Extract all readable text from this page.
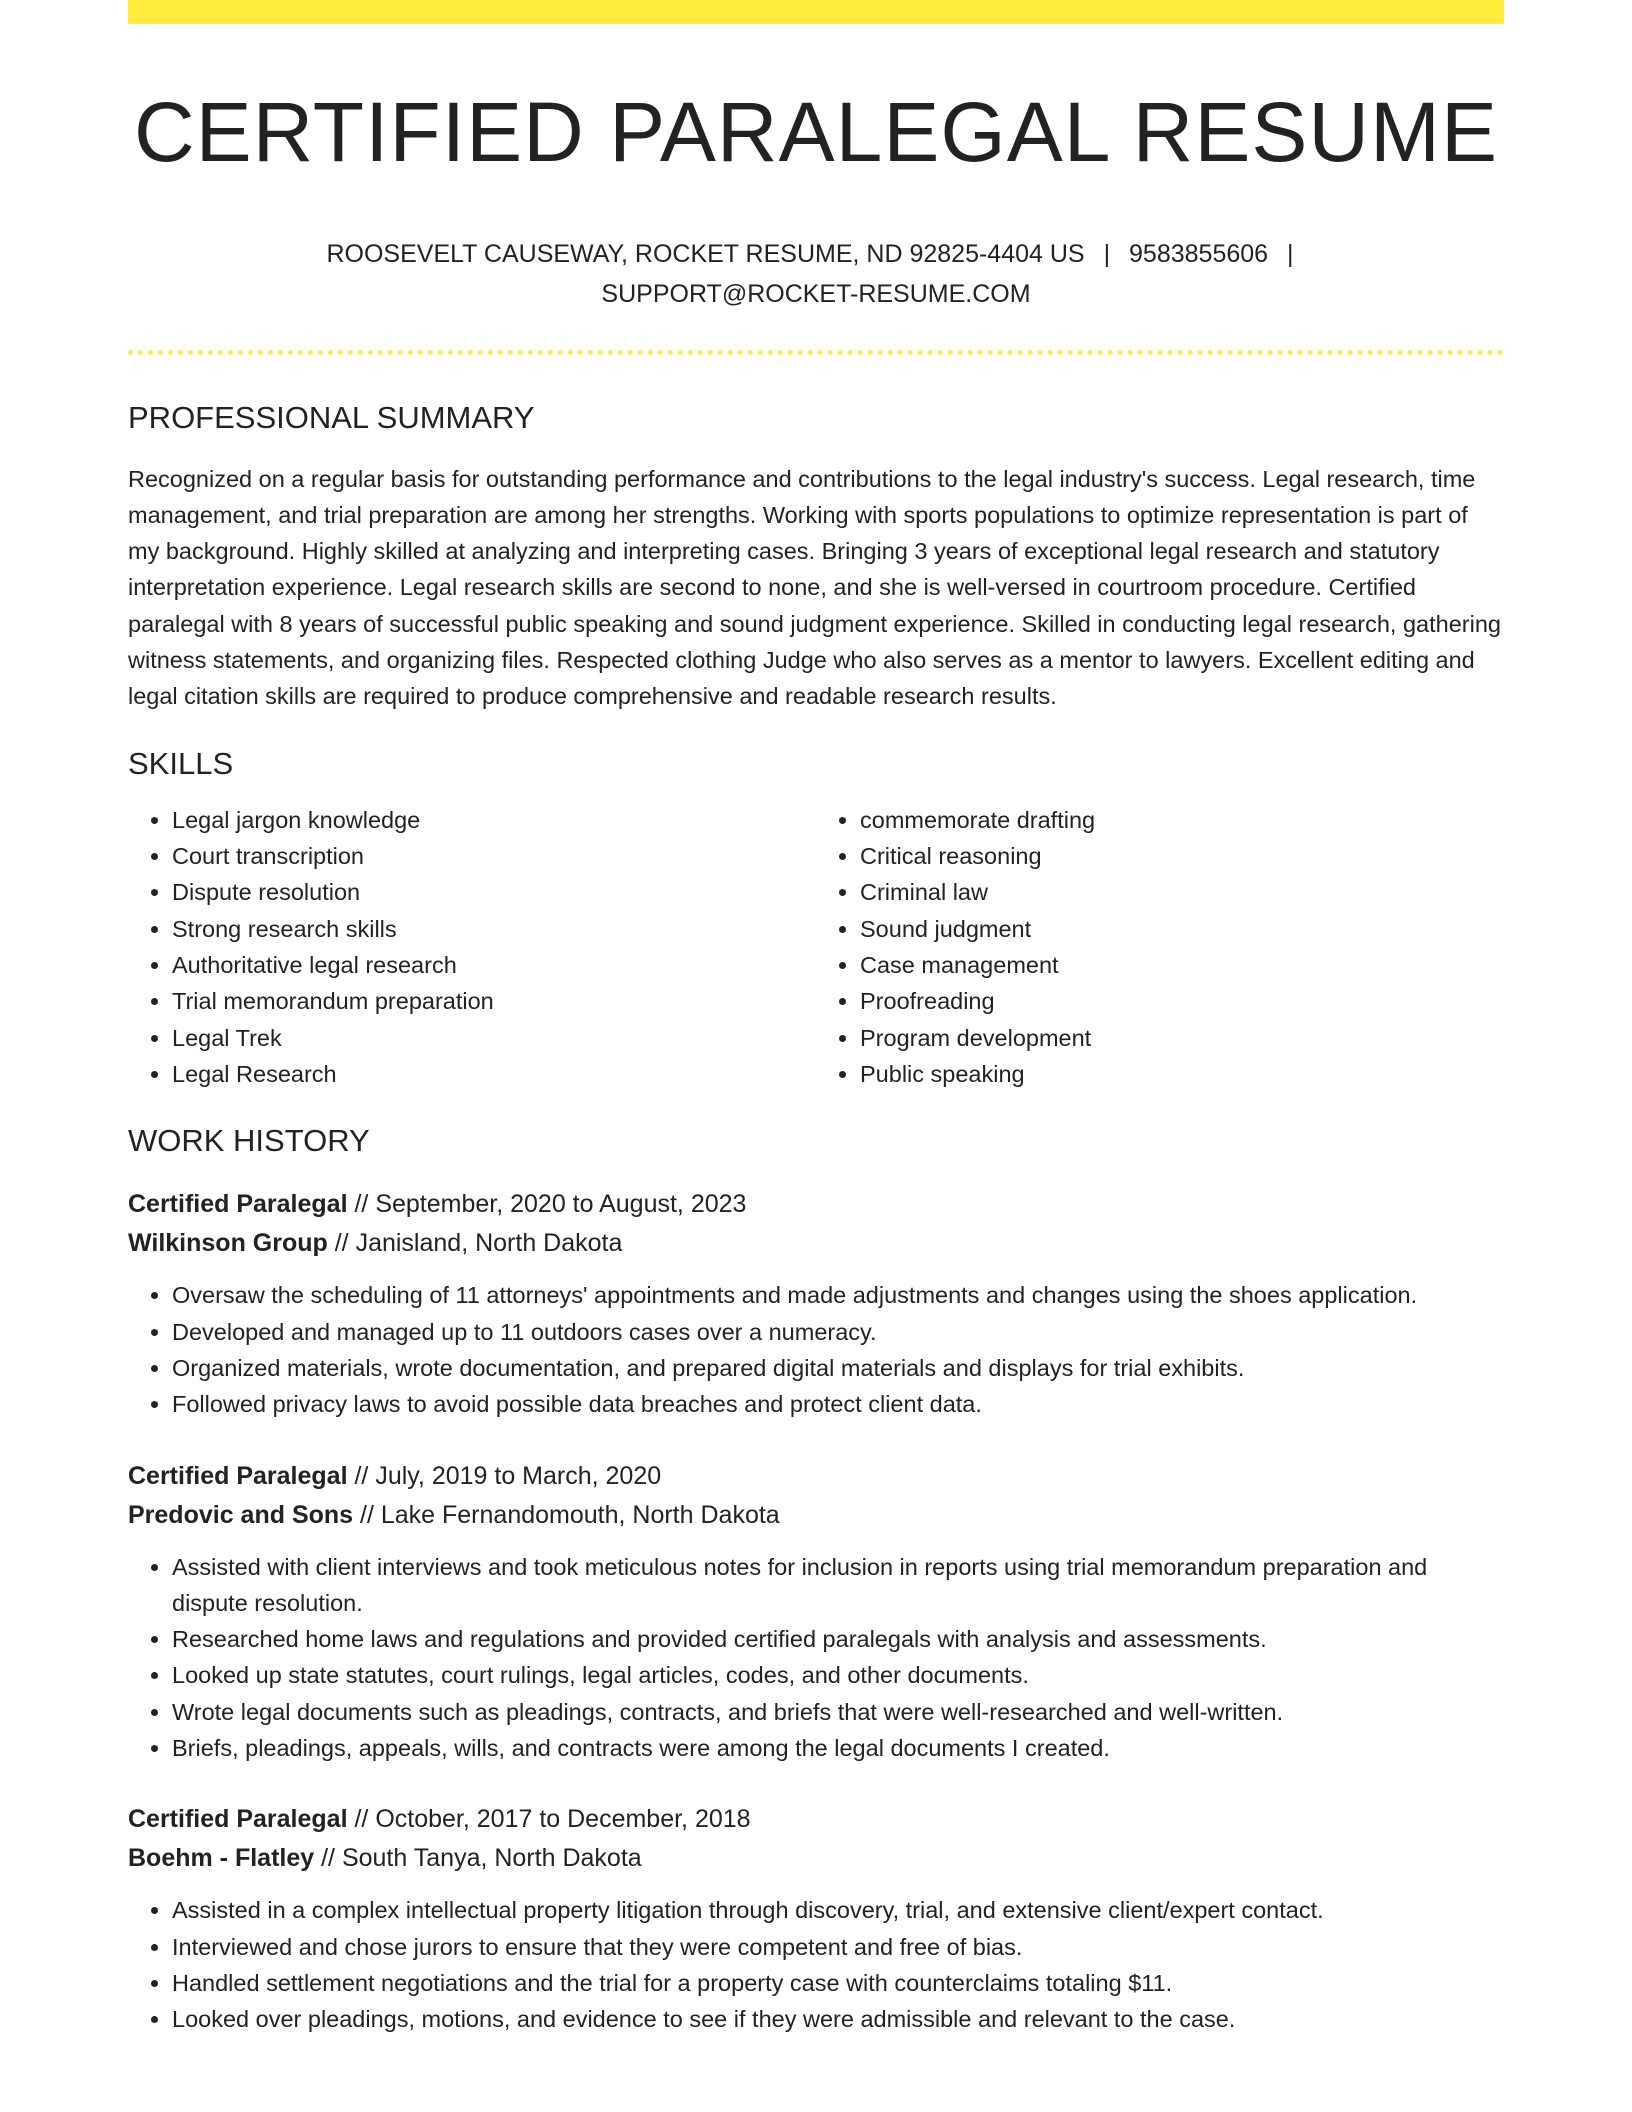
CERTIFIED PARALEGAL RESUME
ROOSEVELT CAUSEWAY, ROCKET RESUME, ND 92825-4404 US | 9583855606 |
SUPPORT@ROCKET-RESUME.COM
PROFESSIONAL SUMMARY

Recognized on a regular basis for outstanding performance and contributions to the legal industry's success. Legal research, time management, and trial preparation are among her strengths. Working with sports populations to optimize representation is part of my background. Highly skilled at analyzing and interpreting cases. Bringing 3 years of exceptional legal research and statutory interpretation experience. Legal research skills are second to none, and she is well-versed in courtroom procedure. Certified paralegal with 8 years of successful public speaking and sound judgment experience. Skilled in conducting legal research, gathering witness statements, and organizing files. Respected clothing Judge who also serves as a mentor to lawyers. Excellent editing and legal citation skills are required to produce comprehensive and readable research results.

SKILLS
• Legal jargon knowledge
• Court transcription
• Dispute resolution
• Strong research skills
• Authoritative legal research
• Trial memorandum preparation
• Legal Trek
• Legal Research
• commemorate drafting
• Critical reasoning
• Criminal law
• Sound judgment
• Case management
• Proofreading
• Program development
• Public speaking
WORK HISTORY
Certified Paralegal // September, 2020 to August, 2023
Wilkinson Group // Janisland, North Dakota
• Oversaw the scheduling of 11 attorneys' appointments and made adjustments and changes using the shoes application.
• Developed and managed up to 11 outdoors cases over a numeracy.
• Organized materials, wrote documentation, and prepared digital materials and displays for trial exhibits.
• Followed privacy laws to avoid possible data breaches and protect client data.
Certified Paralegal // July, 2019 to March, 2020
Predovic and Sons // Lake Fernandomouth, North Dakota
• Assisted with client interviews and took meticulous notes for inclusion in reports using trial memorandum preparation and dispute resolution.
• Researched home laws and regulations and provided certified paralegals with analysis and assessments.
• Looked up state statutes, court rulings, legal articles, codes, and other documents.
• Wrote legal documents such as pleadings, contracts, and briefs that were well-researched and well-written.
• Briefs, pleadings, appeals, wills, and contracts were among the legal documents I created.
Certified Paralegal // October, 2017 to December, 2018
Boehm - Flatley // South Tanya, North Dakota
• Assisted in a complex intellectual property litigation through discovery, trial, and extensive client/expert contact.
• Interviewed and chose jurors to ensure that they were competent and free of bias.
• Handled settlement negotiations and the trial for a property case with counterclaims totaling $11.
• Looked over pleadings, motions, and evidence to see if they were admissible and relevant to the case.
